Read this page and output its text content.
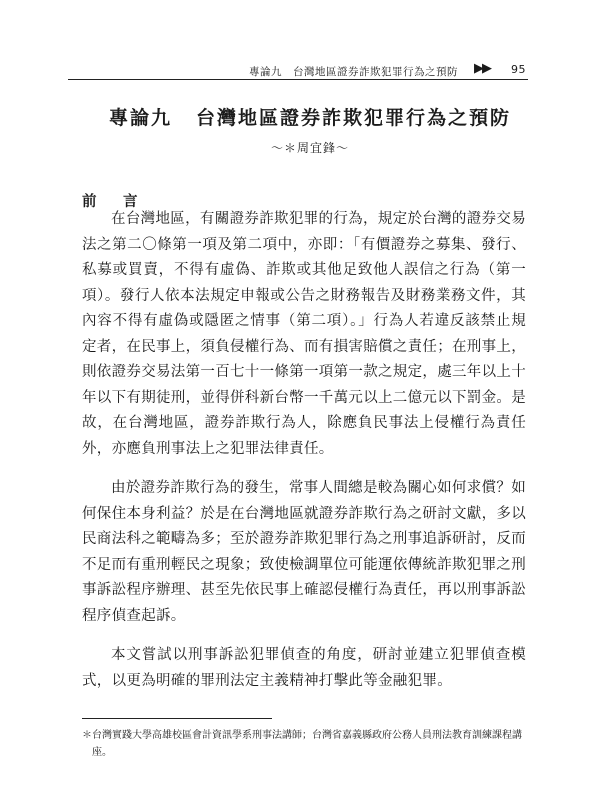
專論九　台灣地區證券詐欺犯罪行為之預防 ▶▶ 95
專論九 台灣地區證券詐欺犯罪行為之預防
～＊周宜鋒～
前　言

在台灣地區，有關證券詐欺犯罪的行為，規定於台灣的證券交易法之第二〇條第一項及第二項中，亦即：「有價證券之募集、發行、私募或買賣，不得有虛偽、詐欺或其他足致他人誤信之行為（第一項）。發行人依本法規定申報或公告之財務報告及財務業務文件，其內容不得有虛偽或隱匿之情事（第二項）。」行為人若違反該禁止規定者，在民事上，須負侵權行為、而有損害賠償之責任；在刑事上，則依證券交易法第一百七十一條第一項第一款之規定，處三年以上十年以下有期徒刑，並得併科新台幣一千萬元以上二億元以下罰金。是故，在台灣地區，證券詐欺行為人，除應負民事法上侵權行為責任外，亦應負刑事法上之犯罪法律責任。

由於證券詐欺行為的發生，常事人間總是較為關心如何求償？如何保住本身利益？於是在台灣地區就證券詐欺行為之研討文獻，多以民商法科之範疇為多；至於證券詐欺犯罪行為之刑事追訴研討，反而不足而有重刑輕民之現象；致使檢調單位可能運依傳統詐欺犯罪之刑事訴訟程序辦理、甚至先依民事上確認侵權行為責任，再以刑事訴訟程序偵查起訴。

本文嘗試以刑事訴訟犯罪偵查的角度，研討並建立犯罪偵查模式，以更為明確的罪刑法定主義精神打擊此等金融犯罪。

＊台灣實踐大學高雄校區會計資訊學系刑事法講師；台灣省嘉義縣政府公務人員刑法教育訓練課程講座。
